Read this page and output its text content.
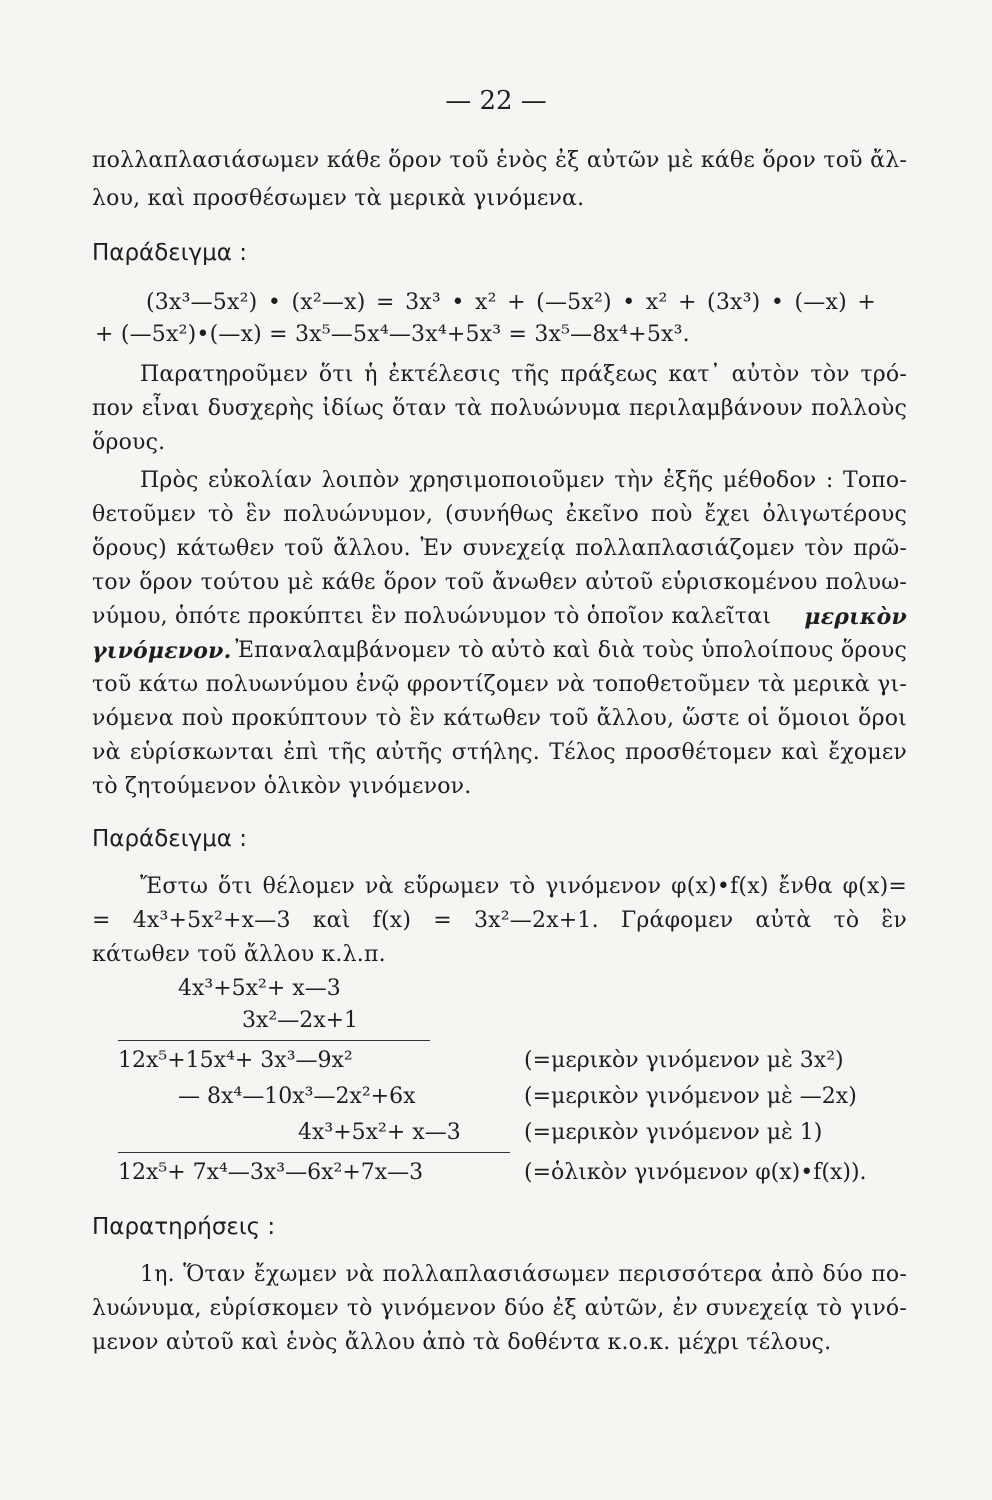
— 22 —
πολλαπλασιάσωμεν κάθε ὅρον τοῦ ἑνὸς ἐξ αὐτῶν μὲ κάθε ὅρον τοῦ ἄλ-
λου, καὶ προσθέσωμεν τὰ μερικὰ γινόμενα.
Παράδειγμα :
(3x³—5x²) • (x²—x) = 3x³ • x² + (—5x²) • x² + (3x³) • (—x) +
+ (—5x²)•(—x) = 3x⁵—5x⁴—3x⁴+5x³ = 3x⁵—8x⁴+5x³.
Παρατηροῦμεν ὅτι ἡ ἐκτέλεσις τῆς πράξεως κατ᾽ αὐτὸν τὸν τρό-
πον εἶναι δυσχερὴς ἰδίως ὅταν τὰ πολυώνυμα περιλαμβάνουν πολλοὺς
ὅρους.
Πρὸς εὐκολίαν λοιπὸν χρησιμοποιοῦμεν τὴν ἑξῆς μέθοδον : Τοπο-
θετοῦμεν τὸ ἓν πολυώνυμον, (συνήθως ἐκεῖνο ποὺ ἔχει ὀλιγωτέρους
ὅρους) κάτωθεν τοῦ ἄλλου. Ἐν συνεχείᾳ πολλαπλασιάζομεν τὸν πρῶ-
τον ὅρον τούτου μὲ κάθε ὅρον τοῦ ἄνωθεν αὐτοῦ εὑρισκομένου πολυω-
νύμου, ὁπότε προκύπτει ἓν πολυώνυμον τὸ ὁποῖον καλεῖται μερικὸν
γινόμενον. Ἐπαναλαμβάνομεν τὸ αὐτὸ καὶ διὰ τοὺς ὑπολοίπους ὅρους
τοῦ κάτω πολυωνύμου ἐνῷ φροντίζομεν νὰ τοποθετοῦμεν τὰ μερικὰ γι-
νόμενα ποὺ προκύπτουν τὸ ἓν κάτωθεν τοῦ ἄλλου, ὥστε οἱ ὅμοιοι ὅροι
νὰ εὑρίσκωνται ἐπὶ τῆς αὐτῆς στήλης. Τέλος προσθέτομεν καὶ ἔχομεν
τὸ ζητούμενον ὁλικὸν γινόμενον.
Παράδειγμα :
Ἔστω ὅτι θέλομεν νὰ εὕρωμεν τὸ γινόμενον φ(x)•f(x) ἔνθα φ(x)=
= 4x³+5x²+x—3 καὶ f(x) = 3x²—2x+1. Γράφομεν αὐτὰ τὸ ἓν
κάτωθεν τοῦ ἄλλου κ.λ.π.
4x³+5x²+ x—3
3x²—2x+1
12x⁵+15x⁴+ 3x³—9x²	(=μερικὸν γινόμενον μὲ 3x²)
— 8x⁴—10x³—2x²+6x	(=μερικὸν γινόμενον μὲ —2x)
4x³+5x²+ x—3	(=μερικὸν γινόμενον μὲ 1)
12x⁵+ 7x⁴—3x³—6x²+7x—3	(=ὁλικὸν γινόμενον φ(x)•f(x)).
Παρατηρήσεις :
1η. Ὅταν ἔχωμεν νὰ πολλαπλασιάσωμεν περισσότερα ἀπὸ δύο πο-
λυώνυμα, εὑρίσκομεν τὸ γινόμενον δύο ἐξ αὐτῶν, ἐν συνεχείᾳ τὸ γινό-
μενον αὐτοῦ καὶ ἑνὸς ἄλλου ἀπὸ τὰ δοθέντα κ.ο.κ. μέχρι τέλους.
